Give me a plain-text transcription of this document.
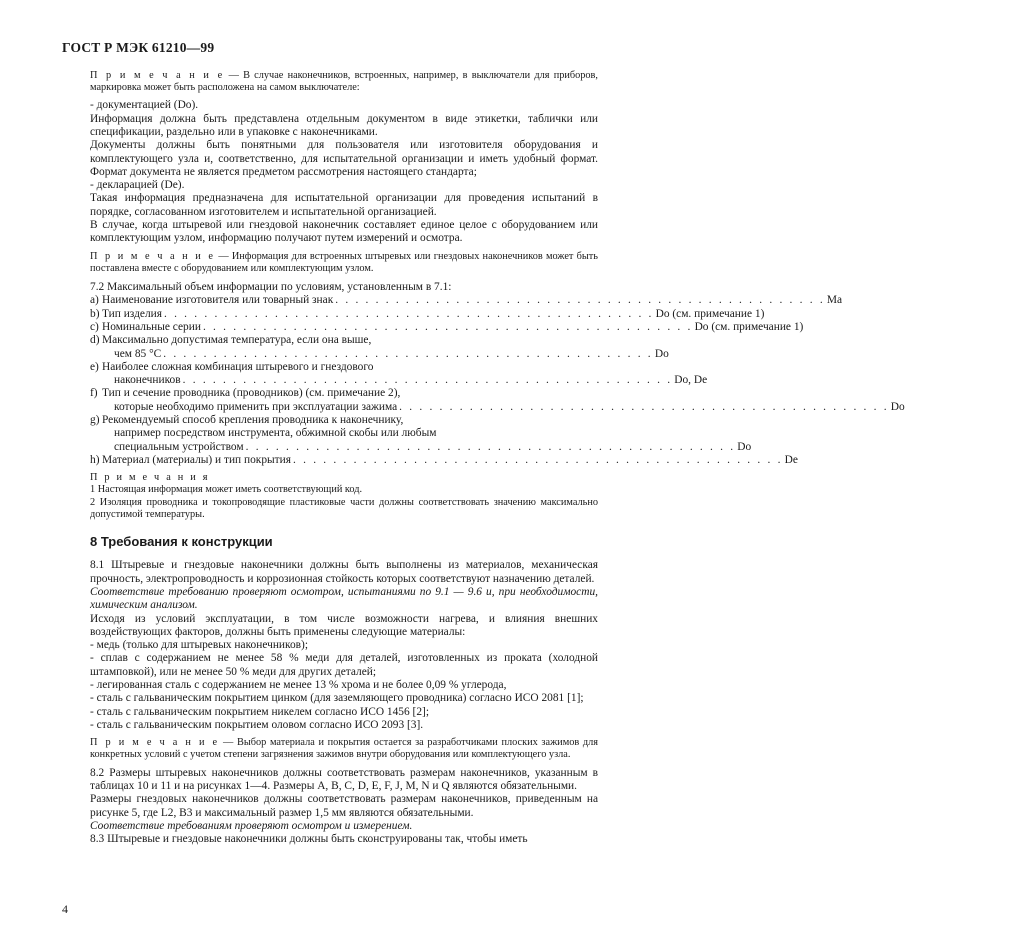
ГОСТ Р МЭК 61210—99

П р и м е ч а н и е — В случае наконечников, встроенных, например, в выключатели для приборов, маркировка может быть расположена на самом выключателе:

- документацией (Do).

Информация должна быть представлена отдельным документом в виде этикетки, таблички или спецификации, раздельно или в упаковке с наконечниками.

Документы должны быть понятными для пользователя или изготовителя оборудования и комплектующего узла и, соответственно, для испытательной организации и иметь удобный формат. Формат документа не является предметом рассмотрения настоящего стандарта;

- декларацией (De).

Такая информация предназначена для испытательной организации для проведения испытаний в порядке, согласованном изготовителем и испытательной организацией.

В случае, когда штыревой или гнездовой наконечник составляет единое целое с оборудованием или комплектующим узлом, информацию получают путем измерений и осмотра.

П р и м е ч а н и е — Информация для встроенных штыревых или гнездовых наконечников может быть поставлена вместе с оборудованием или комплектующим узлом.

7.2 Максимальный объем информации по условиям, установленным в 7.1:

a) Наименование изготовителя или товарный знак . . . . . . . . . . . . . . . . . . . . . . . . . . . . . . . . . . . . . . . . . . . . . . . . . Ma
b) Тип изделия . . . . . . . . . . . . . . . . . . . . . . . . . . . . . . . . . . . . . . . . . . . . . . . . . Do (см. примечание 1)
c) Номинальные серии . . . . . . . . . . . . . . . . . . . . . . . . . . . . . . . . . . . . . . . . . . . . . . . . . Do (см. примечание 1)
d) Максимально допустимая температура, если она выше,
чем 85 °C . . . . . . . . . . . . . . . . . . . . . . . . . . . . . . . . . . . . . . . . . . . . . . . . . Do
e) Наиболее сложная комбинация штыревого и гнездового
наконечников . . . . . . . . . . . . . . . . . . . . . . . . . . . . . . . . . . . . . . . . . . . . . . . . . Do, De
f) Тип и сечение проводника (проводников) (см. примечание 2),
которые необходимо применить при эксплуатации зажима . . . . . . . . . . . . . . . . . . . . . . . . . . . . . . . . . . . . . . . . . . . . . . . . . Do
g) Рекомендуемый способ крепления проводника к наконечнику,
например посредством инструмента, обжимной скобы или любым
специальным устройством . . . . . . . . . . . . . . . . . . . . . . . . . . . . . . . . . . . . . . . . . . . . . . . . . Do
h) Материал (материалы) и тип покрытия . . . . . . . . . . . . . . . . . . . . . . . . . . . . . . . . . . . . . . . . . . . . . . . . . De

П р и м е ч а н и я

1 Настоящая информация может иметь соответствующий код.

2 Изоляция проводника и токопроводящие пластиковые части должны соответствовать значению максимально допустимой температуры.

8 Требования к конструкции

8.1 Штыревые и гнездовые наконечники должны быть выполнены из материалов, механическая прочность, электропроводность и коррозионная стойкость которых соответствуют назначению деталей.

Соответствие требованию проверяют осмотром, испытаниями по 9.1 — 9.6 и, при необходимости, химическим анализом.

Исходя из условий эксплуатации, в том числе возможности нагрева, и влияния внешних воздействующих факторов, должны быть применены следующие материалы:

- медь (только для штыревых наконечников);

- сплав с содержанием не менее 58 % меди для деталей, изготовленных из проката (холодной штамповкой), или не менее 50 % меди для других деталей;

- легированная сталь с содержанием не менее 13 % хрома и не более 0,09 % углерода,

- сталь с гальваническим покрытием цинком (для заземляющего проводника) согласно ИСО 2081 [1];

- сталь с гальваническим покрытием никелем согласно ИСО 1456 [2];

- сталь с гальваническим покрытием оловом согласно ИСО 2093 [3].

П р и м е ч а н и е — Выбор материала и покрытия остается за разработчиками плоских зажимов для конкретных условий с учетом степени загрязнения зажимов внутри оборудования или комплектующего узла.

8.2 Размеры штыревых наконечников должны соответствовать размерам наконечников, указанным в таблицах 10 и 11 и на рисунках 1—4. Размеры A, B, C, D, E, F, J, M, N и Q являются обязательными.

Размеры гнездовых наконечников должны соответствовать размерам наконечников, приведенным на рисунке 5, где L2, B3 и максимальный размер 1,5 мм являются обязательными.

Соответствие требованиям проверяют осмотром и измерением.

8.3 Штыревые и гнездовые наконечники должны быть сконструированы так, чтобы иметь

4
